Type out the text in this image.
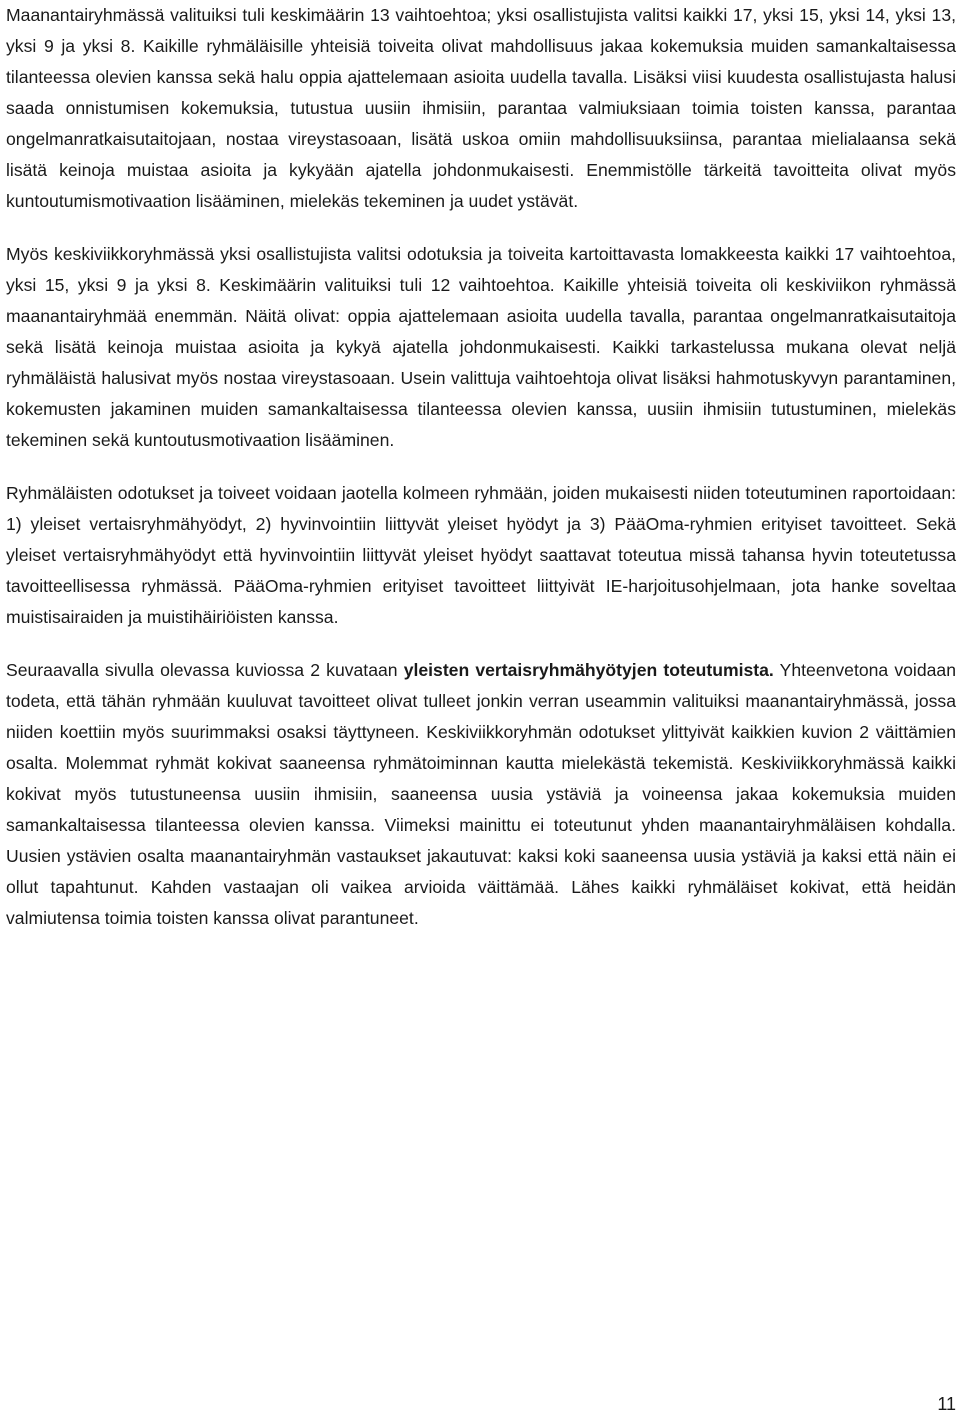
Maanantairyhmässä valituiksi tuli keskimäärin 13 vaihtoehtoa; yksi osallistujista valitsi kaikki 17, yksi 15, yksi 14, yksi 13, yksi 9 ja yksi 8. Kaikille ryhmäläisille yhteisiä toiveita olivat mahdollisuus jakaa kokemuksia muiden samankaltaisessa tilanteessa olevien kanssa sekä halu oppia ajattelemaan asioita uudella tavalla. Lisäksi viisi kuudesta osallistujasta halusi saada onnistumisen kokemuksia, tutustua uusiin ihmisiin, parantaa valmiuksiaan toimia toisten kanssa, parantaa ongelmanratkaisutaitojaan, nostaa vireystasoaan, lisätä uskoa omiin mahdollisuuksiinsa, parantaa mielialaansa sekä lisätä keinoja muistaa asioita ja kykyään ajatella johdonmukaisesti. Enemmistölle tärkeitä tavoitteita olivat myös kuntoutumismotivaation lisääminen, mielekäs tekeminen ja uudet ystävät.

Myös keskiviikkoryhmässä yksi osallistujista valitsi odotuksia ja toiveita kartoittavasta lomakkeesta kaikki 17 vaihtoehtoa, yksi 15, yksi 9 ja yksi 8. Keskimäärin valituiksi tuli 12 vaihtoehtoa. Kaikille yhteisiä toiveita oli keskiviikon ryhmässä maanantairyhmää enemmän. Näitä olivat: oppia ajattelemaan asioita uudella tavalla, parantaa ongelmanratkaisutaitoja sekä lisätä keinoja muistaa asioita ja kykyä ajatella johdonmukaisesti. Kaikki tarkastelussa mukana olevat neljä ryhmäläistä halusivat myös nostaa vireystasoaan. Usein valittuja vaihtoehtoja olivat lisäksi hahmotuskyvyn parantaminen, kokemusten jakaminen muiden samankaltaisessa tilanteessa olevien kanssa, uusiin ihmisiin tutustuminen, mielekäs tekeminen sekä kuntoutusmotivaation lisääminen.

Ryhmäläisten odotukset ja toiveet voidaan jaotella kolmeen ryhmään, joiden mukaisesti niiden toteutuminen raportoidaan: 1) yleiset vertaisryhmähyödyt, 2) hyvinvointiin liittyvät yleiset hyödyt ja 3) PääOma-ryhmien erityiset tavoitteet. Sekä yleiset vertaisryhmähyödyt että hyvinvointiin liittyvät yleiset hyödyt saattavat toteutua missä tahansa hyvin toteutetussa tavoitteellisessa ryhmässä. PääOma-ryhmien erityiset tavoitteet liittyivät IE-harjoitusohjelmaan, jota hanke soveltaa muistisairaiden ja muistihäiriöisten kanssa.

Seuraavalla sivulla olevassa kuviossa 2 kuvataan yleisten vertaisryhmähyötyjen toteutumista. Yhteenvetona voidaan todeta, että tähän ryhmään kuuluvat tavoitteet olivat tulleet jonkin verran useammin valituiksi maanantairyhmässä, jossa niiden koettiin myös suurimmaksi osaksi täyttyneen. Keskiviikkoryhmän odotukset ylittyivät kaikkien kuvion 2 väittämien osalta. Molemmat ryhmät kokivat saaneensa ryhmätoiminnan kautta mielekästä tekemistä. Keskiviikkoryhmässä kaikki kokivat myös tutustuneensa uusiin ihmisiin, saaneensa uusia ystäviä ja voineensa jakaa kokemuksia muiden samankaltaisessa tilanteessa olevien kanssa. Viimeksi mainittu ei toteutunut yhden maanantairyhmäläisen kohdalla. Uusien ystävien osalta maanantairyhmän vastaukset jakautuvat: kaksi koki saaneensa uusia ystäviä ja kaksi että näin ei ollut tapahtunut. Kahden vastaajan oli vaikea arvioida väittämää. Lähes kaikki ryhmäläiset kokivat, että heidän valmiutensa toimia toisten kanssa olivat parantuneet.

11
